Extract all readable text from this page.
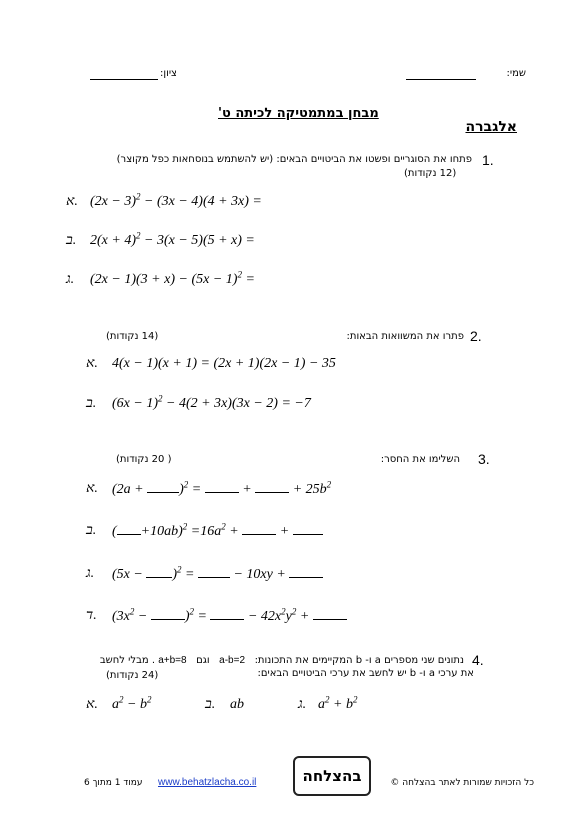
שמי:
ציון:
מבחן במתמטיקה לכיתה ט'
אלגברה
1.
פתחו את הסוגריים ופשטו את הביטויים הבאים: (יש להשתמש בנוסחאות כפל מקוצר)
(12 נקודות)
א. $(2x - 3)^2 - (3x - 4)(4 + 3x)$ =
ב. $2(x + 4)^2 - 3(x - 5)(5 + x)$ =
ג. $(2x - 1)(3 + x) - (5x - 1)^2$ =
2.
פתרו את המשוואות הבאות:
(14 נקודות)
א. 4(x − 1)(x + 1) = (2x + 1)(2x − 1) − 35
ב. $(6x - 1)^2 - 4(2 + 3x)(3x - 2) = -7$
3.
השלימו את החסר:
( 20 נקודות)
א. $(2a + )^2$ =  +  + $25b^2$
ב. ( $+10ab)^2 =16a^2$ +  +
ג. $(5x - )^2$ =  − 10xy +
ד. $(3x^2 - )^2$ =  − $42x^2y^2$ +
4.
נתונים שני מספרים a ו- b המקיימים את התכונות:   a-b=2   וגם   a+b=8 . מבלי לחשב
את ערכי a ו- b יש לחשב את ערכי הביטויים הבאים:
(24 נקודות)
א. $a^2 - b^2$	ב. ab	ג. $a^2 + b^2$
עמוד 1 מתוך 6 www.behatzlacha.co.il	בהצלחה	כל הזכויות שמורות לאתר בהצלחה ©
